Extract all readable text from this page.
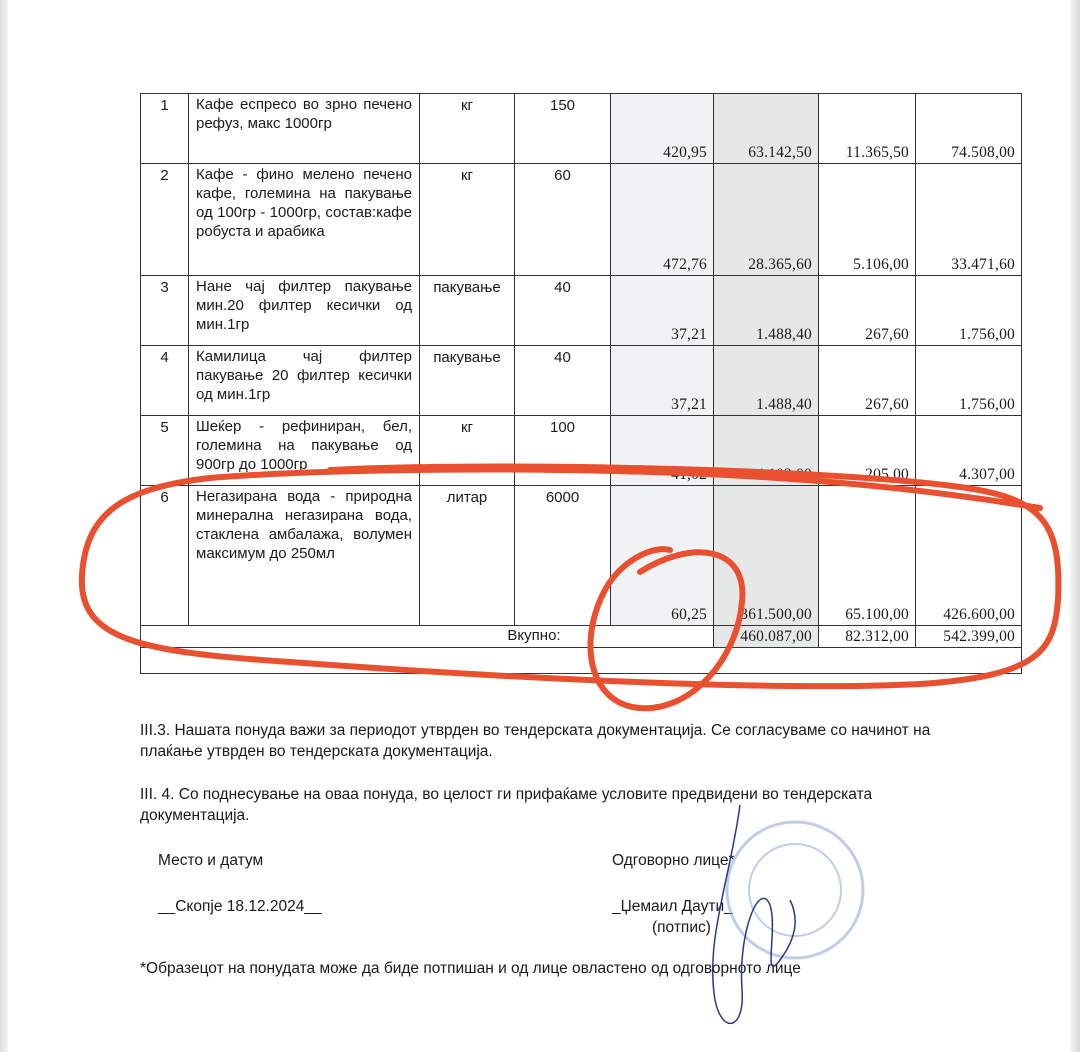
1	Кафе еспресо во зрно печено рефуз, макс 1000гр	кг	150	420,95	63.142,50	11.365,50	74.508,00
2	Кафе - фино мелено печено кафе, големина на пакување од 100гр - 1000гр, состав:кафе робуста и арабика	кг	60	472,76	28.365,60	5.106,00	33.471,60
3	Нане чај филтер пакување мин.20 филтер кесички од мин.1гр	пакување	40	37,21	1.488,40	267,60	1.756,00
4	Камилица чај филтер пакување 20 филтер кесички од мин.1гр	пакување	40	37,21	1.488,40	267,60	1.756,00
5	Шеќер - рефиниран, бел, големина на пакување од 900гр до 1000гр	кг	100	41,02	4.102,00	205,00	4.307,00
6	Негазирана вода - природна минерална негазирана вода, стаклена амбалажа, волумен максимум до 250мл	литар	6000	60,25	361.500,00	65.100,00	426.600,00
Вкупно:					460.087,00	82.312,00	542.399,00

III.3. Нашата понуда важи за периодот утврден во тендерската документација. Се согласуваме со начинот на плаќање утврден во тендерската документација.
III. 4. Со поднесување на оваа понуда, во целост ги прифаќаме условите предвидени во тендерската документација.
Место и датум
__Скопје 18.12.2024__
Одговорно лице*
_Џемаил Даути_
(потпис)
*Образецот на понудата може да биде потпишан и од лице овластено од одговорното лице
